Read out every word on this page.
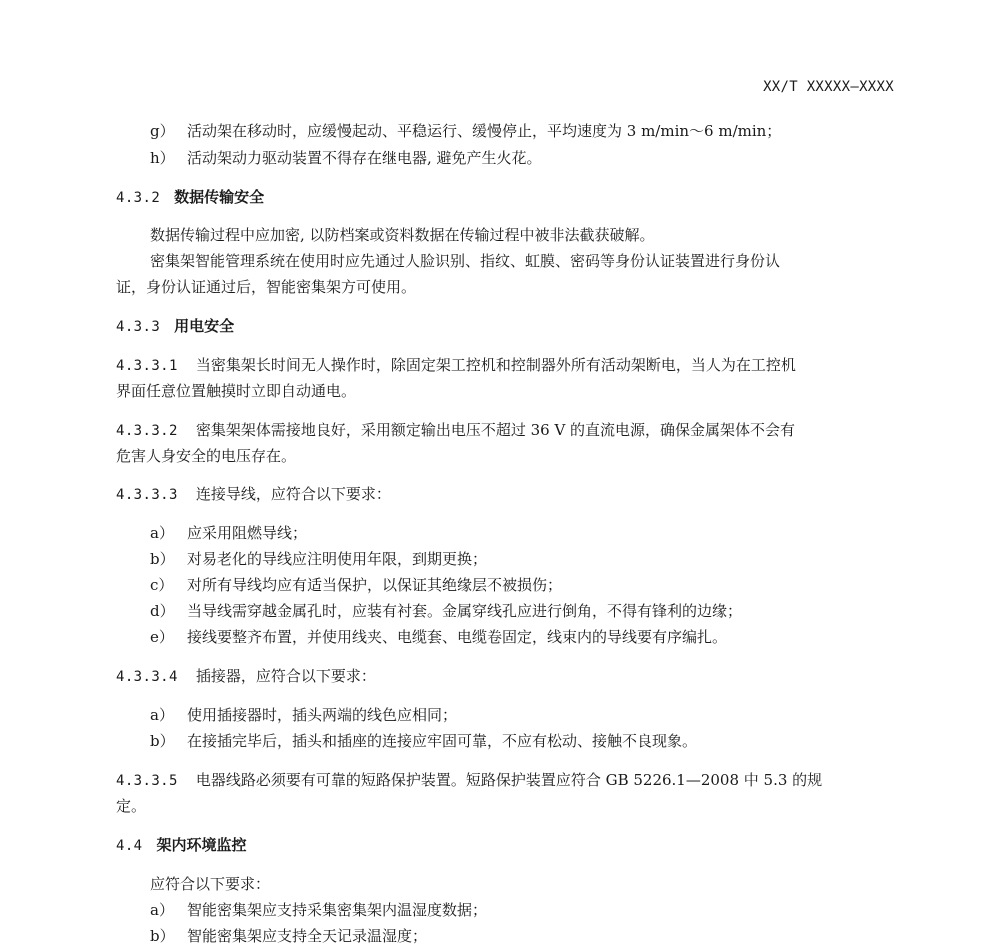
XX/T XXXXX—XXXX
g） 活动架在移动时，应缓慢起动、平稳运行、缓慢停止，平均速度为 3 m/min～6 m/min；
h） 活动架动力驱动装置不得存在继电器, 避免产生火花。
4.3.2 数据传输安全
数据传输过程中应加密, 以防档案或资料数据在传输过程中被非法截获破解。
密集架智能管理系统在使用时应先通过人脸识别、指纹、虹膜、密码等身份认证装置进行身份认
证，身份认证通过后，智能密集架方可使用。
4.3.3 用电安全
4.3.3.1 当密集架长时间无人操作时，除固定架工控机和控制器外所有活动架断电，当人为在工控机
界面任意位置触摸时立即自动通电。
4.3.3.2 密集架架体需接地良好，采用额定输出电压不超过 36 V 的直流电源，确保金属架体不会有
危害人身安全的电压存在。
4.3.3.3 连接导线，应符合以下要求：
a） 应采用阻燃导线；
b） 对易老化的导线应注明使用年限，到期更换；
c） 对所有导线均应有适当保护，以保证其绝缘层不被损伤；
d） 当导线需穿越金属孔时，应装有衬套。金属穿线孔应进行倒角，不得有锋利的边缘；
e） 接线要整齐布置，并使用线夹、电缆套、电缆卷固定，线束内的导线要有序编扎。
4.3.3.4 插接器，应符合以下要求：
a） 使用插接器时，插头两端的线色应相同；
b） 在接插完毕后，插头和插座的连接应牢固可靠，不应有松动、接触不良现象。
4.3.3.5 电器线路必须要有可靠的短路保护装置。短路保护装置应符合 GB 5226.1—2008 中 5.3 的规
定。
4.4 架内环境监控
应符合以下要求：
a） 智能密集架应支持采集密集架内温湿度数据；
b） 智能密集架应支持全天记录温湿度；
